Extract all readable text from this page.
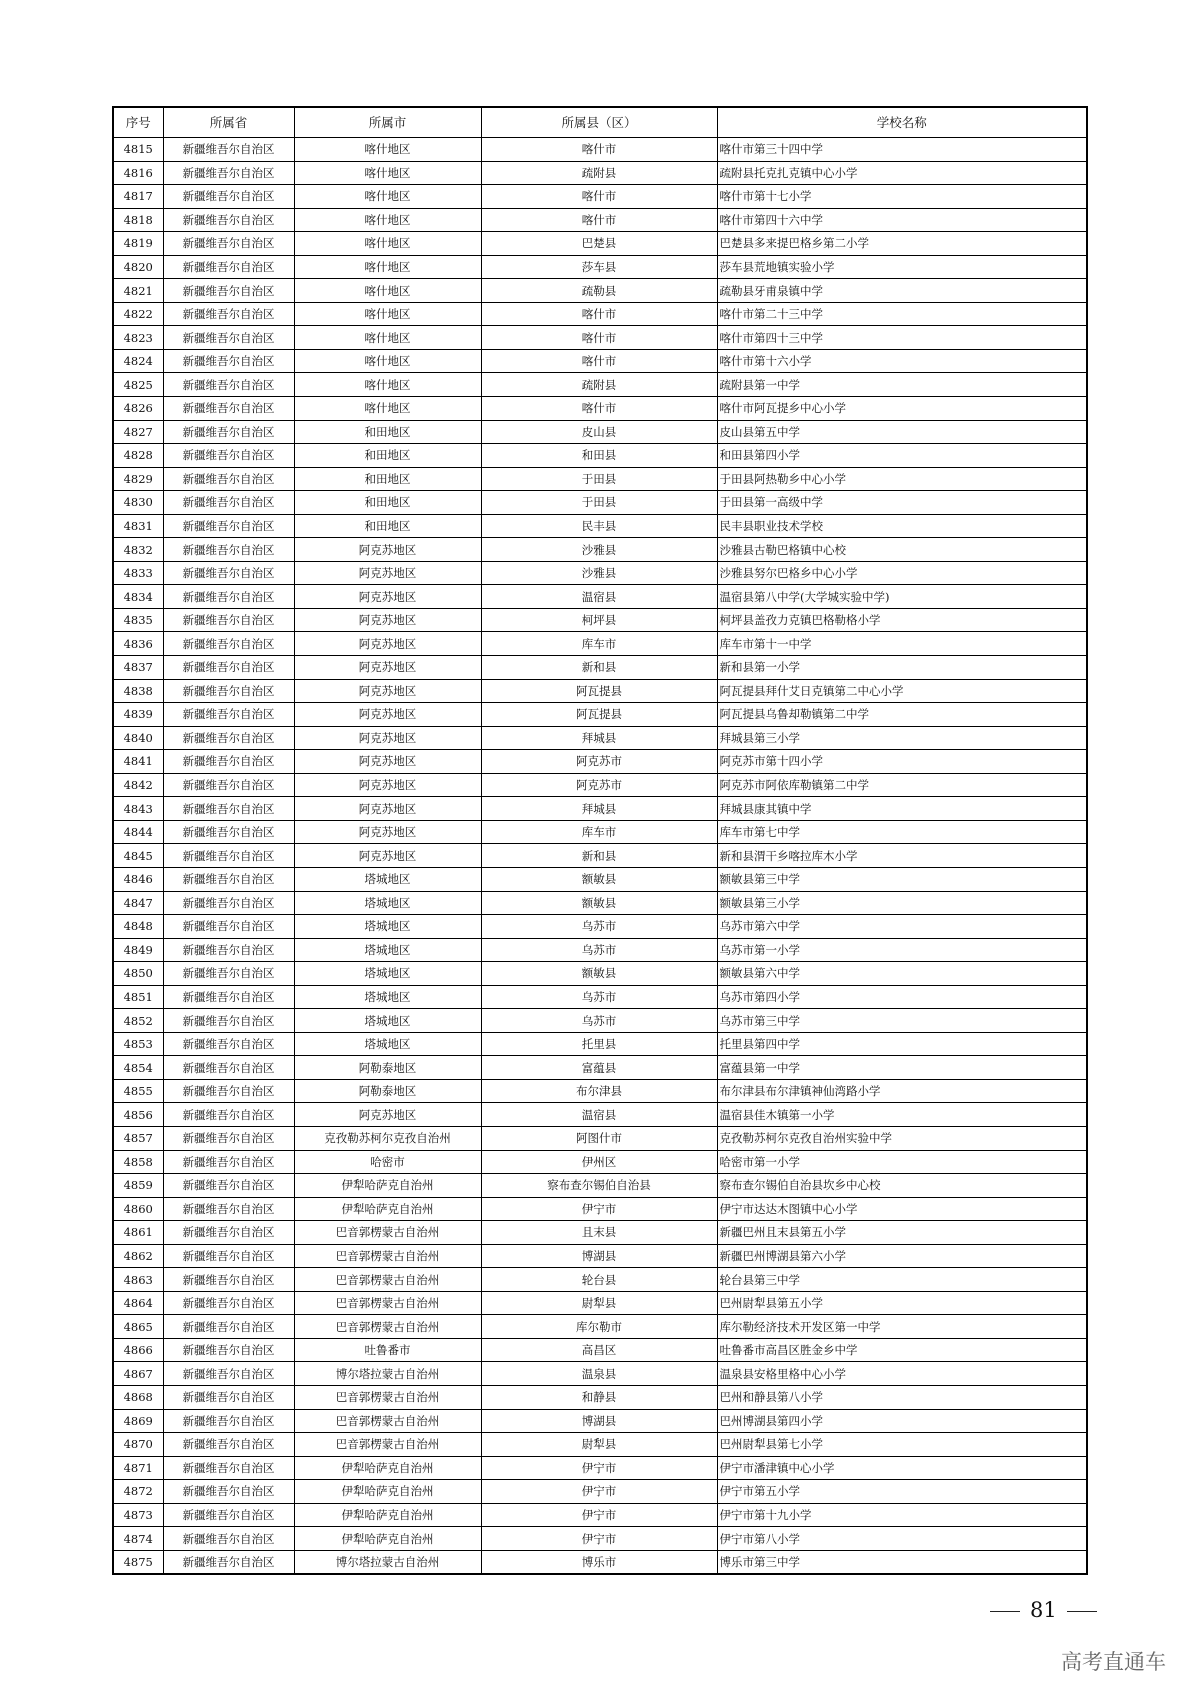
序号	所属省	所属市	所属县（区）	学校名称
4815	新疆维吾尔自治区	喀什地区	喀什市	喀什市第三十四中学
4816	新疆维吾尔自治区	喀什地区	疏附县	疏附县托克扎克镇中心小学
4817	新疆维吾尔自治区	喀什地区	喀什市	喀什市第十七小学
4818	新疆维吾尔自治区	喀什地区	喀什市	喀什市第四十六中学
4819	新疆维吾尔自治区	喀什地区	巴楚县	巴楚县多来提巴格乡第二小学
4820	新疆维吾尔自治区	喀什地区	莎车县	莎车县荒地镇实验小学
4821	新疆维吾尔自治区	喀什地区	疏勒县	疏勒县牙甫泉镇中学
4822	新疆维吾尔自治区	喀什地区	喀什市	喀什市第二十三中学
4823	新疆维吾尔自治区	喀什地区	喀什市	喀什市第四十三中学
4824	新疆维吾尔自治区	喀什地区	喀什市	喀什市第十六小学
4825	新疆维吾尔自治区	喀什地区	疏附县	疏附县第一中学
4826	新疆维吾尔自治区	喀什地区	喀什市	喀什市阿瓦提乡中心小学
4827	新疆维吾尔自治区	和田地区	皮山县	皮山县第五中学
4828	新疆维吾尔自治区	和田地区	和田县	和田县第四小学
4829	新疆维吾尔自治区	和田地区	于田县	于田县阿热勒乡中心小学
4830	新疆维吾尔自治区	和田地区	于田县	于田县第一高级中学
4831	新疆维吾尔自治区	和田地区	民丰县	民丰县职业技术学校
4832	新疆维吾尔自治区	阿克苏地区	沙雅县	沙雅县古勒巴格镇中心校
4833	新疆维吾尔自治区	阿克苏地区	沙雅县	沙雅县努尔巴格乡中心小学
4834	新疆维吾尔自治区	阿克苏地区	温宿县	温宿县第八中学(大学城实验中学)
4835	新疆维吾尔自治区	阿克苏地区	柯坪县	柯坪县盖孜力克镇巴格勒格小学
4836	新疆维吾尔自治区	阿克苏地区	库车市	库车市第十一中学
4837	新疆维吾尔自治区	阿克苏地区	新和县	新和县第一小学
4838	新疆维吾尔自治区	阿克苏地区	阿瓦提县	阿瓦提县拜什艾日克镇第二中心小学
4839	新疆维吾尔自治区	阿克苏地区	阿瓦提县	阿瓦提县乌鲁却勒镇第二中学
4840	新疆维吾尔自治区	阿克苏地区	拜城县	拜城县第三小学
4841	新疆维吾尔自治区	阿克苏地区	阿克苏市	阿克苏市第十四小学
4842	新疆维吾尔自治区	阿克苏地区	阿克苏市	阿克苏市阿依库勒镇第二中学
4843	新疆维吾尔自治区	阿克苏地区	拜城县	拜城县康其镇中学
4844	新疆维吾尔自治区	阿克苏地区	库车市	库车市第七中学
4845	新疆维吾尔自治区	阿克苏地区	新和县	新和县渭干乡喀拉库木小学
4846	新疆维吾尔自治区	塔城地区	额敏县	额敏县第三中学
4847	新疆维吾尔自治区	塔城地区	额敏县	额敏县第三小学
4848	新疆维吾尔自治区	塔城地区	乌苏市	乌苏市第六中学
4849	新疆维吾尔自治区	塔城地区	乌苏市	乌苏市第一小学
4850	新疆维吾尔自治区	塔城地区	额敏县	额敏县第六中学
4851	新疆维吾尔自治区	塔城地区	乌苏市	乌苏市第四小学
4852	新疆维吾尔自治区	塔城地区	乌苏市	乌苏市第三中学
4853	新疆维吾尔自治区	塔城地区	托里县	托里县第四中学
4854	新疆维吾尔自治区	阿勒泰地区	富蕴县	富蕴县第一中学
4855	新疆维吾尔自治区	阿勒泰地区	布尔津县	布尔津县布尔津镇神仙湾路小学
4856	新疆维吾尔自治区	阿克苏地区	温宿县	温宿县佳木镇第一小学
4857	新疆维吾尔自治区	克孜勒苏柯尔克孜自治州	阿图什市	克孜勒苏柯尔克孜自治州实验中学
4858	新疆维吾尔自治区	哈密市	伊州区	哈密市第一小学
4859	新疆维吾尔自治区	伊犁哈萨克自治州	察布查尔锡伯自治县	察布查尔锡伯自治县坎乡中心校
4860	新疆维吾尔自治区	伊犁哈萨克自治州	伊宁市	伊宁市达达木图镇中心小学
4861	新疆维吾尔自治区	巴音郭楞蒙古自治州	且末县	新疆巴州且末县第五小学
4862	新疆维吾尔自治区	巴音郭楞蒙古自治州	博湖县	新疆巴州博湖县第六小学
4863	新疆维吾尔自治区	巴音郭楞蒙古自治州	轮台县	轮台县第三中学
4864	新疆维吾尔自治区	巴音郭楞蒙古自治州	尉犁县	巴州尉犁县第五小学
4865	新疆维吾尔自治区	巴音郭楞蒙古自治州	库尔勒市	库尔勒经济技术开发区第一中学
4866	新疆维吾尔自治区	吐鲁番市	高昌区	吐鲁番市高昌区胜金乡中学
4867	新疆维吾尔自治区	博尔塔拉蒙古自治州	温泉县	温泉县安格里格中心小学
4868	新疆维吾尔自治区	巴音郭楞蒙古自治州	和静县	巴州和静县第八小学
4869	新疆维吾尔自治区	巴音郭楞蒙古自治州	博湖县	巴州博湖县第四小学
4870	新疆维吾尔自治区	巴音郭楞蒙古自治州	尉犁县	巴州尉犁县第七小学
4871	新疆维吾尔自治区	伊犁哈萨克自治州	伊宁市	伊宁市潘津镇中心小学
4872	新疆维吾尔自治区	伊犁哈萨克自治州	伊宁市	伊宁市第五小学
4873	新疆维吾尔自治区	伊犁哈萨克自治州	伊宁市	伊宁市第十九小学
4874	新疆维吾尔自治区	伊犁哈萨克自治州	伊宁市	伊宁市第八小学
4875	新疆维吾尔自治区	博尔塔拉蒙古自治州	博乐市	博乐市第三中学
81
高考直通车
